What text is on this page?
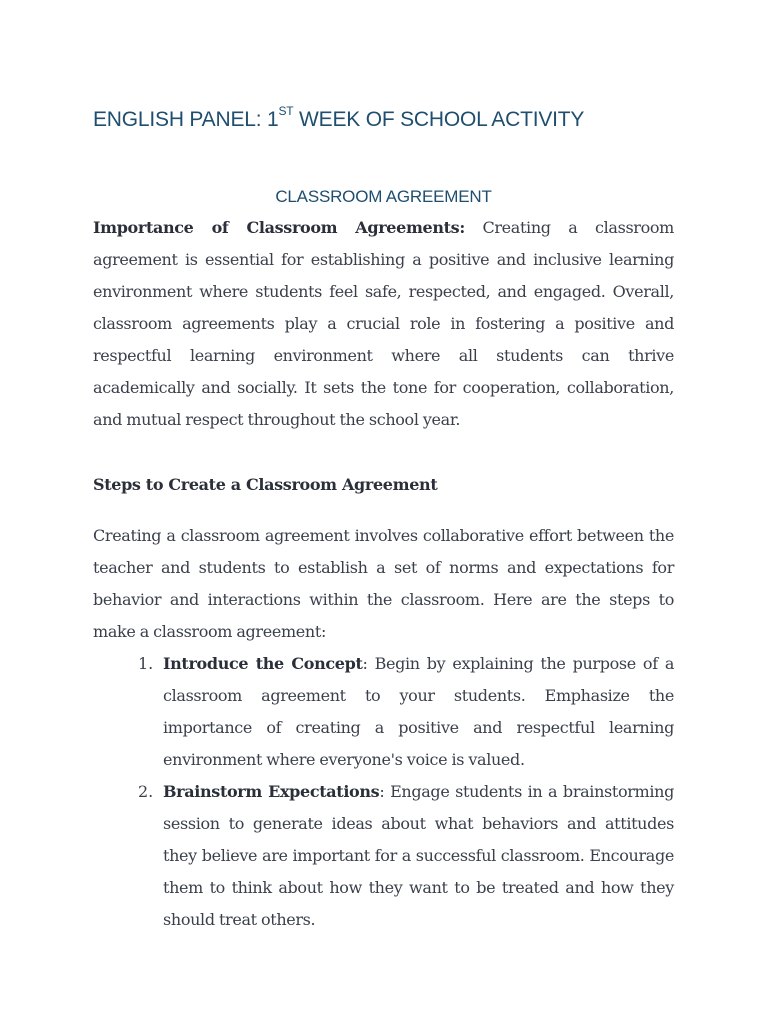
ENGLISH PANEL: 1ST WEEK OF SCHOOL ACTIVITY
CLASSROOM AGREEMENT

Importance of Classroom Agreements: Creating a classroom agreement is essential for establishing a positive and inclusive learning environment where students feel safe, respected, and engaged. Overall, classroom agreements play a crucial role in fostering a positive and respectful learning environment where all students can thrive academically and socially. It sets the tone for cooperation, collaboration, and mutual respect throughout the school year.

Steps to Create a Classroom Agreement

Creating a classroom agreement involves collaborative effort between the teacher and students to establish a set of norms and expectations for behavior and interactions within the classroom. Here are the steps to make a classroom agreement:

1. Introduce the Concept: Begin by explaining the purpose of a classroom agreement to your students. Emphasize the importance of creating a positive and respectful learning environment where everyone's voice is valued.

2. Brainstorm Expectations: Engage students in a brainstorming session to generate ideas about what behaviors and attitudes they believe are important for a successful classroom. Encourage them to think about how they want to be treated and how they should treat others.
